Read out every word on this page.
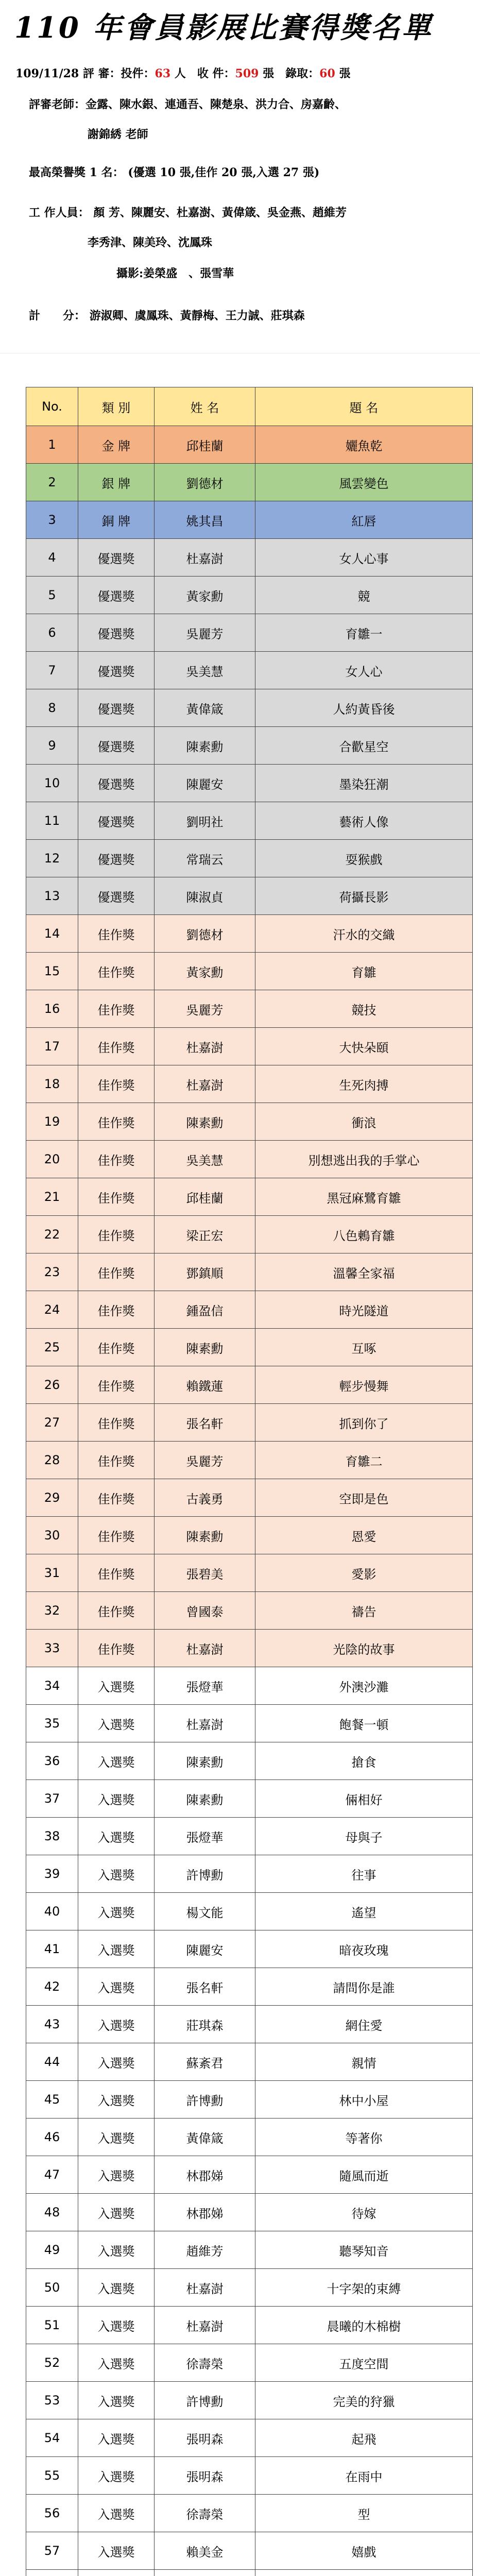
110 年會員影展比賽得獎名單
109/11/28 評 審：投件：63 人　收 件：509 張　錄取：60 張
評審老師：金露、陳水銀、連通吾、陳楚泉、洪力合、房嘉齡、
謝錦綉 老師
最高榮譽獎 1 名： (優選 10 張,佳作 20 張,入選 27 張)
工 作人員： 顏 芳、陳麗安、杜嘉澍、黃偉箴、吳金燕、趙維芳
李秀津、陳美玲、沈鳳珠
攝影:姜榮盛　、張雪華
計　　分： 游淑卿、虞鳳珠、黃靜梅、王力誠、莊琪森
No.	類 別	姓 名	題 名
1	金 牌	邱桂蘭	孋魚乾
2	銀 牌	劉德材	風雲變色
3	銅 牌	姚其昌	紅唇
4	優選獎	杜嘉澍	女人心事
5	優選獎	黃家勳	競
6	優選獎	吳麗芳	育雛一
7	優選獎	吳美慧	女人心
8	優選獎	黃偉箴	人約黃昏後
9	優選獎	陳素勳	合歡星空
10	優選獎	陳麗安	墨染狂潮
11	優選獎	劉明社	藝術人像
12	優選獎	常瑞云	耍猴戲
13	優選獎	陳淑貞	荷攝長影
14	佳作獎	劉德材	汗水的交織
15	佳作獎	黃家勳	育雛
16	佳作獎	吳麗芳	競技
17	佳作獎	杜嘉澍	大快朵頤
18	佳作獎	杜嘉澍	生死肉搏
19	佳作獎	陳素勳	衝浪
20	佳作獎	吳美慧	別想逃出我的手掌心
21	佳作獎	邱桂蘭	黑冠麻鷺育雛
22	佳作獎	梁正宏	八色鶇育雛
23	佳作獎	鄧鎮順	溫馨全家福
24	佳作獎	鍾盈信	時光隧道
25	佳作獎	陳素勳	互啄
26	佳作獎	賴鐵蓮	輕步慢舞
27	佳作獎	張名軒	抓到你了
28	佳作獎	吳麗芳	育雛二
29	佳作獎	古義勇	空即是色
30	佳作獎	陳素勳	恩愛
31	佳作獎	張碧美	愛影
32	佳作獎	曾國泰	禱告
33	佳作獎	杜嘉澍	光陰的故事
34	入選獎	張燈華	外澳沙灘
35	入選獎	杜嘉澍	飽餐一頓
36	入選獎	陳素勳	搶食
37	入選獎	陳素勳	倆相好
38	入選獎	張燈華	母與子
39	入選獎	許博勳	往事
40	入選獎	楊文能	遙望
41	入選獎	陳麗安	暗夜玫瑰
42	入選獎	張名軒	請問你是誰
43	入選獎	莊琪森	網住愛
44	入選獎	蘇紊君	親情
45	入選獎	許博勳	林中小屋
46	入選獎	黃偉箴	等著你
47	入選獎	林郡娣	隨風而逝
48	入選獎	林郡娣	待嫁
49	入選獎	趙維芳	聽琴知音
50	入選獎	杜嘉澍	十字架的束縛
51	入選獎	杜嘉澍	晨曦的木棉樹
52	入選獎	徐壽榮	五度空間
53	入選獎	許博勳	完美的狩獵
54	入選獎	張明森	起飛
55	入選獎	張明森	在雨中
56	入選獎	徐壽榮	型
57	入選獎	賴美金	嬉戲
